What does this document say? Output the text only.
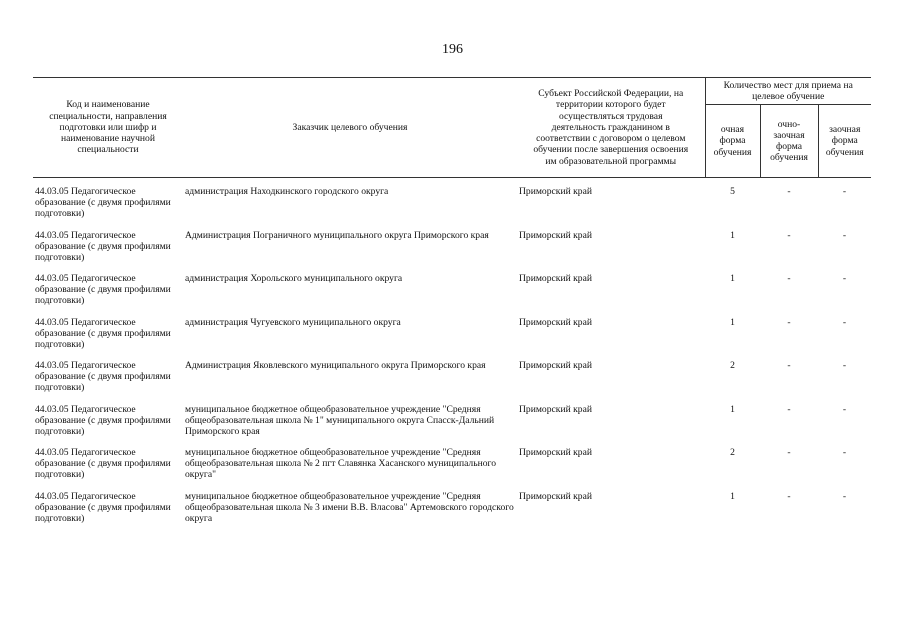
196
Код и наименование специальности, направления подготовки или шифр и наименование научной специальности	Заказчик целевого обучения	Субъект Российской Федерации, на территории которого будет осуществляться трудовая деятельность гражданином в соответствии с договором о целевом обучении после завершения освоения им образовательной программы	Количество мест для приема на целевое обучение		
			очная форма обучения	очно-заочная форма обучения	заочная форма обучения

44.03.05 Педагогическое образование (с двумя профилями подготовки)	администрация Находкинского городского округа	Приморский край	5	-	-
44.03.05 Педагогическое образование (с двумя профилями подготовки)	Администрация Пограничного муниципального округа Приморского края	Приморский край	1	-	-
44.03.05 Педагогическое образование (с двумя профилями подготовки)	администрация Хорольского муниципального округа	Приморский край	1	-	-
44.03.05 Педагогическое образование (с двумя профилями подготовки)	администрация Чугуевского муниципального округа	Приморский край	1	-	-
44.03.05 Педагогическое образование (с двумя профилями подготовки)	Администрация Яковлевского муниципального округа Приморского края	Приморский край	2	-	-
44.03.05 Педагогическое образование (с двумя профилями подготовки)	муниципальное бюджетное общеобразовательное учреждение "Средняя общеобразовательная школа № 1" муниципального округа Спасск-Дальний Приморского края	Приморский край	1	-	-
44.03.05 Педагогическое образование (с двумя профилями подготовки)	муниципальное бюджетное общеобразовательное учреждение "Средняя общеобразовательная школа № 2 пгт Славянка Хасанского муниципального округа"	Приморский край	2	-	-
44.03.05 Педагогическое образование (с двумя профилями подготовки)	муниципальное бюджетное общеобразовательное учреждение "Средняя общеобразовательная школа № 3 имени В.В. Власова" Артемовского городского округа	Приморский край	1	-	-
